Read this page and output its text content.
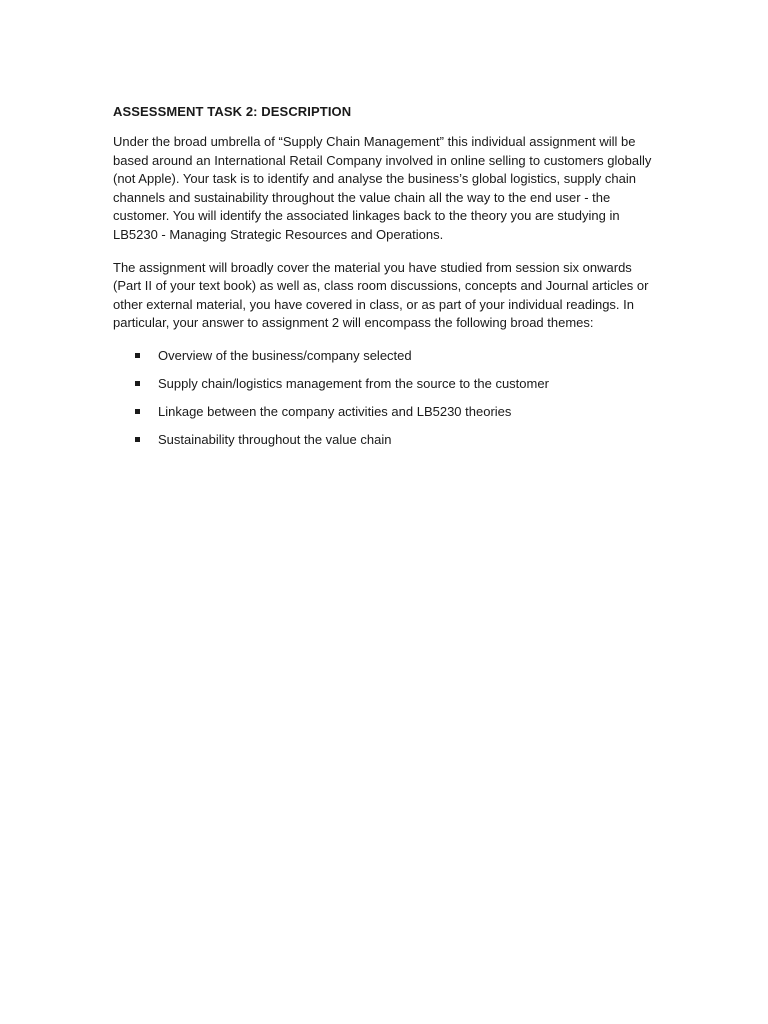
ASSESSMENT TASK 2: DESCRIPTION

Under the broad umbrella of “Supply Chain Management” this individual assignment will be based around an International Retail Company involved in online selling to customers globally (not Apple). Your task is to identify and analyse the business’s global logistics, supply chain channels and sustainability throughout the value chain all the way to the end user - the customer. You will identify the associated linkages back to the theory you are studying in LB5230 - Managing Strategic Resources and Operations.

The assignment will broadly cover the material you have studied from session six onwards (Part II of your text book) as well as, class room discussions, concepts and Journal articles or other external material, you have covered in class, or as part of your individual readings. In particular, your answer to assignment 2 will encompass the following broad themes:

Overview of the business/company selected
Supply chain/logistics management from the source to the customer
Linkage between the company activities and LB5230 theories
Sustainability throughout the value chain
